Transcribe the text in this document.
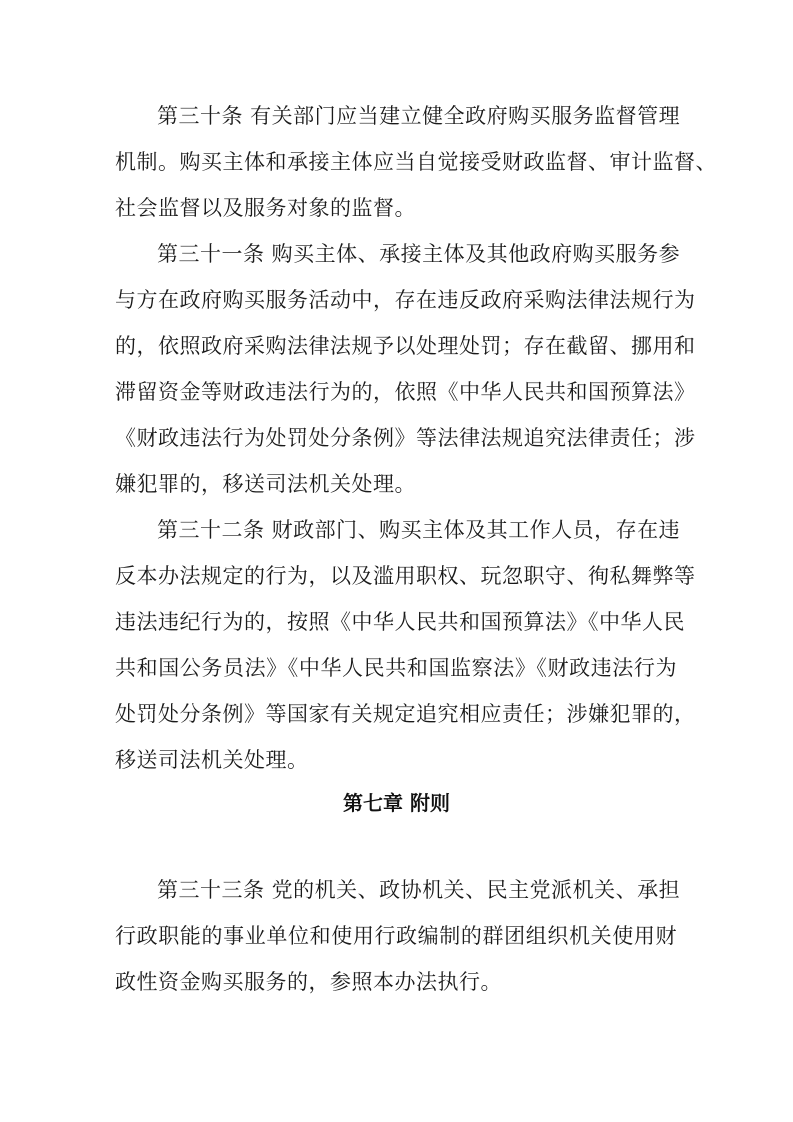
第三十条 有关部门应当建立健全政府购买服务监督管理
机制。购买主体和承接主体应当自觉接受财政监督、审计监督、
社会监督以及服务对象的监督。
第三十一条 购买主体、承接主体及其他政府购买服务参
与方在政府购买服务活动中，存在违反政府采购法律法规行为
的，依照政府采购法律法规予以处理处罚；存在截留、挪用和
滞留资金等财政违法行为的，依照《中华人民共和国预算法》
《财政违法行为处罚处分条例》等法律法规追究法律责任；涉
嫌犯罪的，移送司法机关处理。
第三十二条 财政部门、购买主体及其工作人员，存在违
反本办法规定的行为，以及滥用职权、玩忽职守、徇私舞弊等
违法违纪行为的，按照《中华人民共和国预算法》《中华人民
共和国公务员法》《中华人民共和国监察法》《财政违法行为
处罚处分条例》等国家有关规定追究相应责任；涉嫌犯罪的，
移送司法机关处理。
第七章 附则
第三十三条 党的机关、政协机关、民主党派机关、承担
行政职能的事业单位和使用行政编制的群团组织机关使用财
政性资金购买服务的，参照本办法执行。
